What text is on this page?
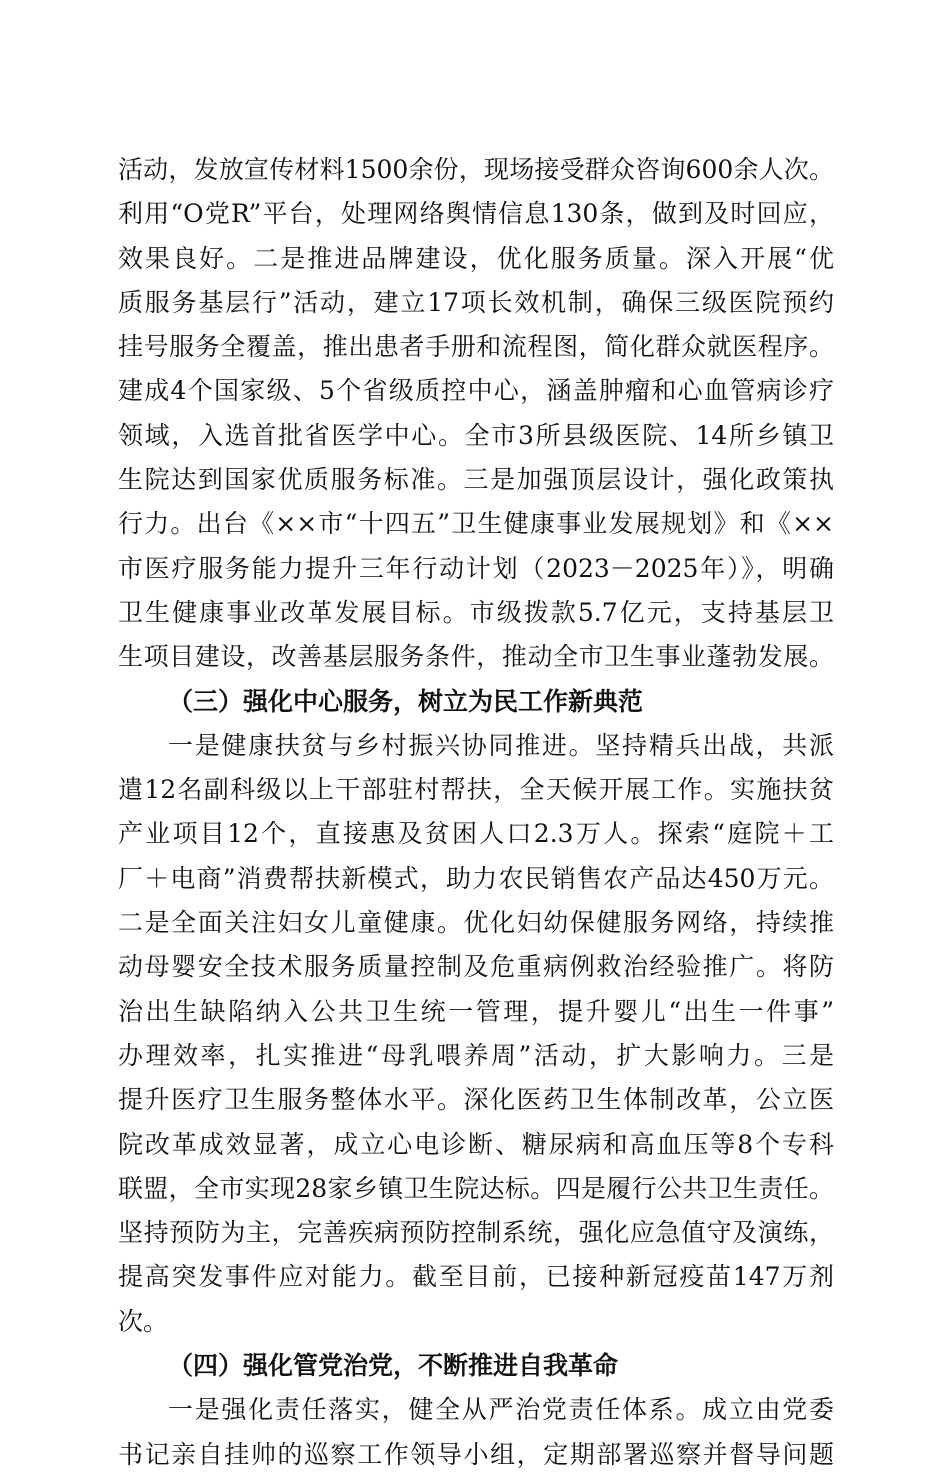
活动，发放宣传材料1500余份，现场接受群众咨询600余人次。
利用“O党R”平台，处理网络舆情信息130条，做到及时回应，
效果良好。二是推进品牌建设，优化服务质量。深入开展“优
质服务基层行”活动，建立17项长效机制，确保三级医院预约
挂号服务全覆盖，推出患者手册和流程图，简化群众就医程序。
建成4个国家级、5个省级质控中心，涵盖肿瘤和心血管病诊疗
领域，入选首批省医学中心。全市3所县级医院、14所乡镇卫
生院达到国家优质服务标准。三是加强顶层设计，强化政策执
行力。出台《××市“十四五”卫生健康事业发展规划》和《××
市医疗服务能力提升三年行动计划（2023－2025年）》，明确
卫生健康事业改革发展目标。市级拨款5.7亿元，支持基层卫
生项目建设，改善基层服务条件，推动全市卫生事业蓬勃发展。
（三）强化中心服务，树立为民工作新典范
一是健康扶贫与乡村振兴协同推进。坚持精兵出战，共派
遣12名副科级以上干部驻村帮扶，全天候开展工作。实施扶贫
产业项目12个，直接惠及贫困人口2.3万人。探索“庭院＋工
厂＋电商”消费帮扶新模式，助力农民销售农产品达450万元。
二是全面关注妇女儿童健康。优化妇幼保健服务网络，持续推
动母婴安全技术服务质量控制及危重病例救治经验推广。将防
治出生缺陷纳入公共卫生统一管理，提升婴儿“出生一件事”
办理效率，扎实推进“母乳喂养周”活动，扩大影响力。三是
提升医疗卫生服务整体水平。深化医药卫生体制改革，公立医
院改革成效显著，成立心电诊断、糖尿病和高血压等8个专科
联盟，全市实现28家乡镇卫生院达标。四是履行公共卫生责任。
坚持预防为主，完善疾病预防控制系统，强化应急值守及演练，
提高突发事件应对能力。截至目前，已接种新冠疫苗147万剂
次。
（四）强化管党治党，不断推进自我革命
一是强化责任落实，健全从严治党责任体系。成立由党委
书记亲自挂帅的巡察工作领导小组，定期部署巡察并督导问题
